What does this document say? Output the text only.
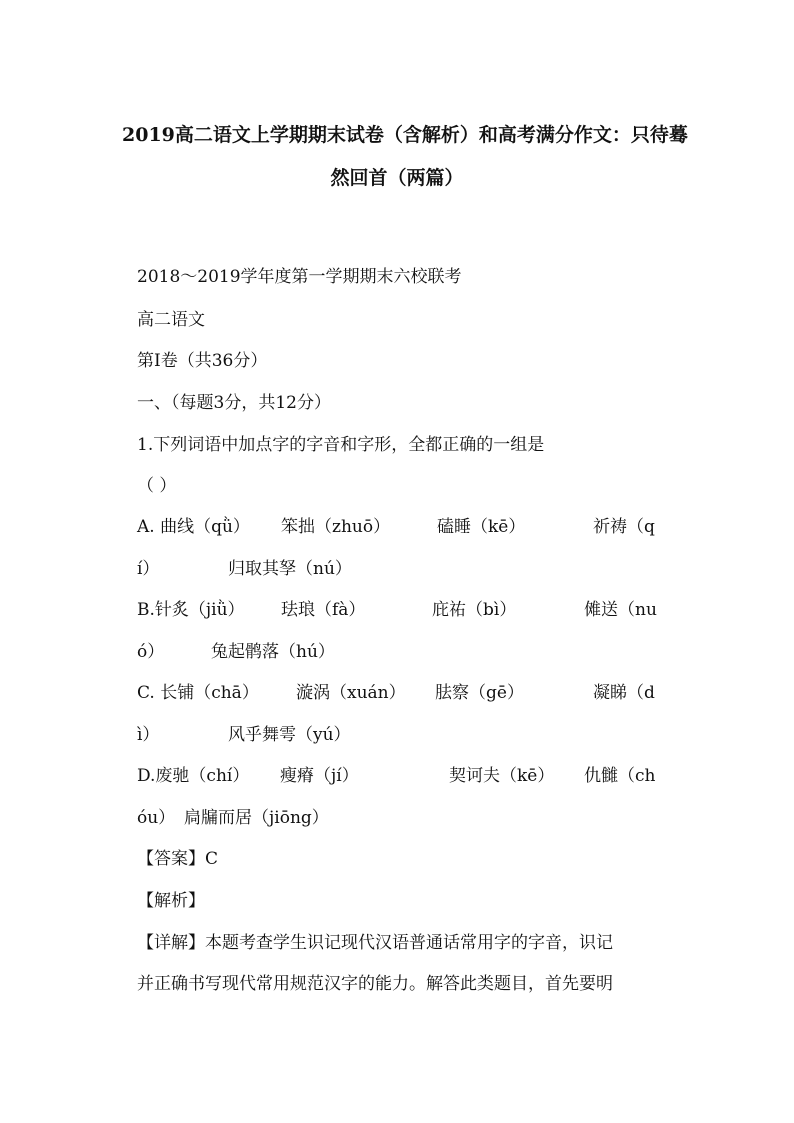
2019高二语文上学期期末试卷（含解析）和高考满分作文：只待蓦
然回首（两篇）
2018～2019学年度第一学期期末六校联考
高二语文
第Ⅰ卷（共36分）
一、（每题3分，共12分）
1.下列词语中加点字的字音和字形，全都正确的一组是
（ ）
A. 曲线（qǜ） 笨拙（zhuō）	磕睡（kē）	祈祷（q
í）	归取其孥（nú）
B.针炙（jiǜ） 珐琅（fà）	庇祐（bì）	傩送（nu
ó）	兔起鹘落（hú）
C. 长铺（chā） 漩涡（xuán） 胠察（gē）	凝睇（d
ì）	风乎舞雩（yú）
D.废驰（chí） 瘦瘠（jí）	契诃夫（kē） 仇雠（ch
óu） 扃牖而居（jiōng）
【答案】C
【解析】
【详解】本题考查学生识记现代汉语普通话常用字的字音，识记
并正确书写现代常用规范汉字的能力。解答此类题目，首先要明
